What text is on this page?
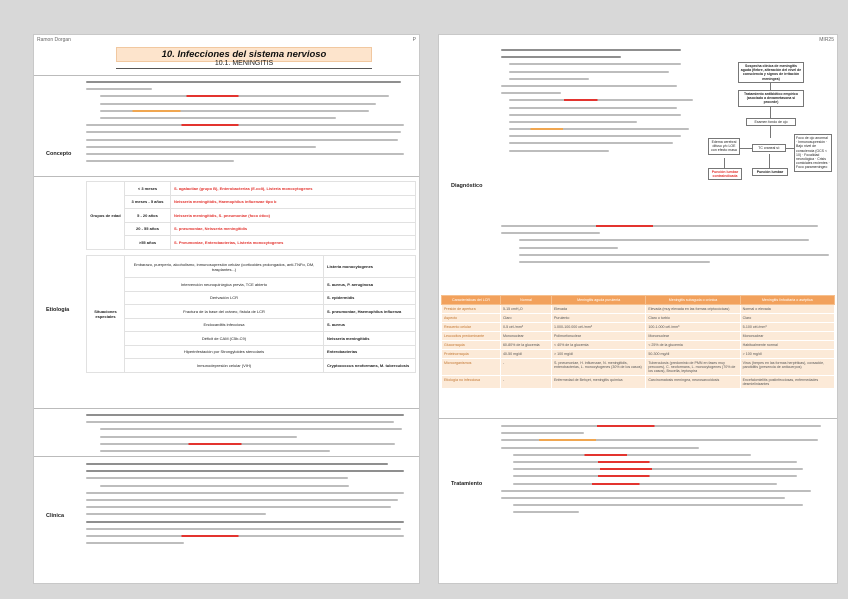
Ramon Dorgan	P
10. Infecciones del sistema nervioso
10.1. MENINGITIS
Concepto
Etiología
Grupos de edad	< 3 meses	S. agalactiae (grupo B), Enterobacterias (E.coli), Listeria monocytogenes
	3 meses - 5 años	Neisseria meningitidis, Haemophilus influenzae tipo b
	5 - 20 años	Neisseria meningitidis, S. pneumoniae (foco ótico)
	20 - 55 años	S. pneumoniae, Neisseria meningitidis
	>55 años	S. Pneumoniae, Enterobacterias, Listeria monocytogenes
Situaciones especiales	Embarazo, puerperio, alcoholismo, inmunosupresión celular (corticoides prolongados, anti-TNFα, DM, trasplantes...)	Listeria monocytogenes
	Intervención neuroquirúrgica previa, TCE abierto	S. aureus, P. aeruginosa
	Derivación LCR	S. epidermidis
	Fractura de la base del cráneo, fístula de LCR	S. pneumoniae, Haemophilus influenza
	Endocarditis infecciosa	S. aureus
	Déficit de CAM (C5b-C9)	Neisseria meningitidis
	Hiperinfestación por Strongyloides stercolaris	Enterobacterias
	Inmunodepresión celular (VIH)	Cryptococcus neoformans, M. tuberculosis
Clínica
MIR25
Diagnóstico
Sospecha clínica de meningitis aguda (fiebre, alteración del nivel de consciencia y signos de irritación meníngea)
Tratamiento antibiótico empírico (asociado a dexametasona si procede)
Examen fondo de ojo
Edema cerebral difuso y/o LOE con efecto masa
TC craneal si:
Foco de ojo anormal · Inmunosupresión · Bajo nivel de consciencia (GCS < 10) · Focalidad neurológica · Crisis comiciales recientes · Foco parameníngeo
Punción lumbar contraindicada
Punción lumbar
Características del LCR	Normal	Meningitis aguda purulenta	Meningitis subaguda o crónica	Meningitis linfocitaria o aséptica
Presión de apertura	5-15 cmH₂O	Elevada	Elevada (muy elevada en las formas criptocócicas)	Normal o elevada
Aspecto	Claro	Purulento	Claro o turbio	Claro
Recuento celular	0-5 cél./mm³	1.000-100.000 cél./mm³	100-1.000 cél./mm³	5-100 cél./mm³
Leucocitos predominante	Mononuclear	Polimorfonuclear	Mononuclear	Mononuclear
Glucorraquia	60-80% de la glucemia	< 40% de la glucemia	< 25% de la glucemia	Habitualmente normal
Proteinorraquia	40-50 mg/dl	> 100 mg/dl	50-300 mg/dl	> 100 mg/dl
Microorganismos	-	S. pneumoniae, H. influenzae, N. meningitidis, enterobacterias, L. monocytogenes (30% de los casos)	Tuberculosis (predominio de PMN en fases muy precoces), C. neoformans, L. monocytogenes (70% de los casos), Brucella, leptospira	Virus (herpes en las formas herpéticas), coxsackie, parotiditis (presencia de anticuerpos)
Etiología no infecciosa	-	Enfermedad de Behçet, meningitis química	Carcinomatosis meníngea, neurosarcoidosis	Encefalomielitis postinfecciosas, enfermedades desmielinizantes
Tratamiento
